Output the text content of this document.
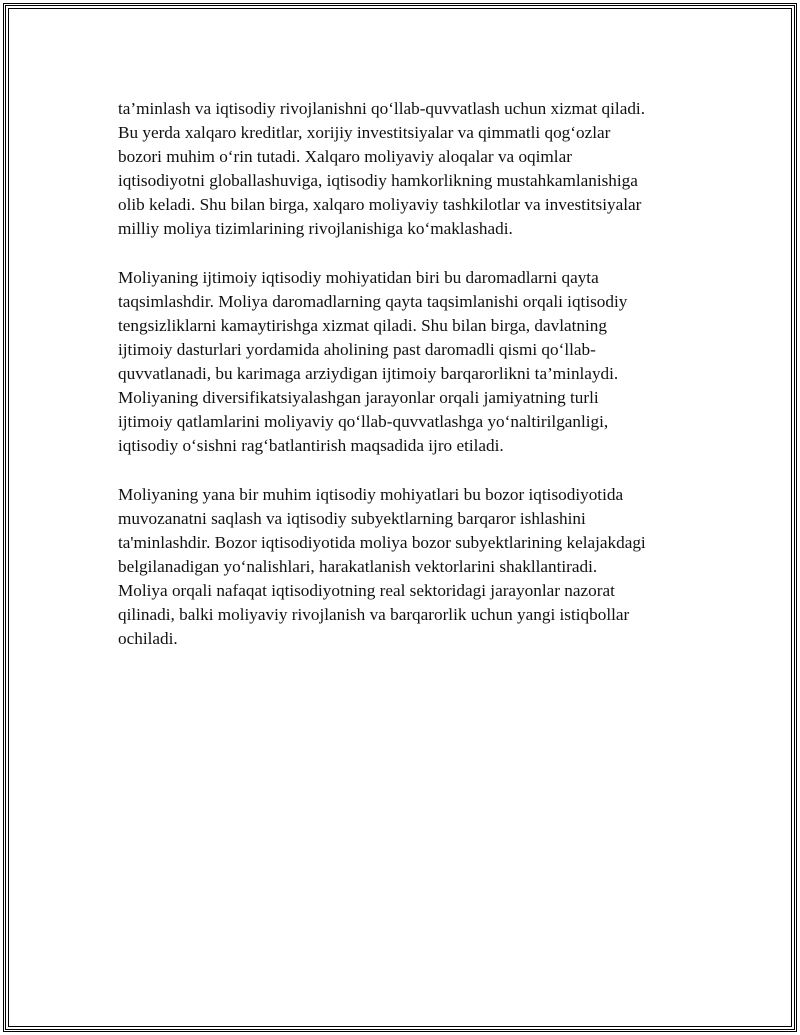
ta’minlash va iqtisodiy rivojlanishni qo‘llab-quvvatlash uchun xizmat qiladi.
Bu yerda xalqaro kreditlar, xorijiy investitsiyalar va qimmatli qog‘ozlar
bozori muhim o‘rin tutadi. Xalqaro moliyaviy aloqalar va oqimlar
iqtisodiyotni globallashuviga, iqtisodiy hamkorlikning mustahkamlanishiga
olib keladi. Shu bilan birga, xalqaro moliyaviy tashkilotlar va investitsiyalar
milliy moliya tizimlarining rivojlanishiga ko‘maklashadi.

Moliyaning ijtimoiy iqtisodiy mohiyatidan biri bu daromadlarni qayta
taqsimlashdir. Moliya daromadlarning qayta taqsimlanishi orqali iqtisodiy
tengsizliklarni kamaytirishga xizmat qiladi. Shu bilan birga, davlatning
ijtimoiy dasturlari yordamida aholining past daromadli qismi qo‘llab-
quvvatlanadi, bu karimaga arziydigan ijtimoiy barqarorlikni ta’minlaydi.
Moliyaning diversifikatsiyalashgan jarayonlar orqali jamiyatning turli
ijtimoiy qatlamlarini moliyaviy qo‘llab-quvvatlashga yo‘naltirilganligi,
iqtisodiy o‘sishni rag‘batlantirish maqsadida ijro etiladi.

Moliyaning yana bir muhim iqtisodiy mohiyatlari bu bozor iqtisodiyotida
muvozanatni saqlash va iqtisodiy subyektlarning barqaror ishlashini
ta'minlashdir. Bozor iqtisodiyotida moliya bozor subyektlarining kelajakdagi
belgilanadigan yo‘nalishlari, harakatlanish vektorlarini shakllantiradi.
Moliya orqali nafaqat iqtisodiyotning real sektoridagi jarayonlar nazorat
qilinadi, balki moliyaviy rivojlanish va barqarorlik uchun yangi istiqbollar
ochiladi.
